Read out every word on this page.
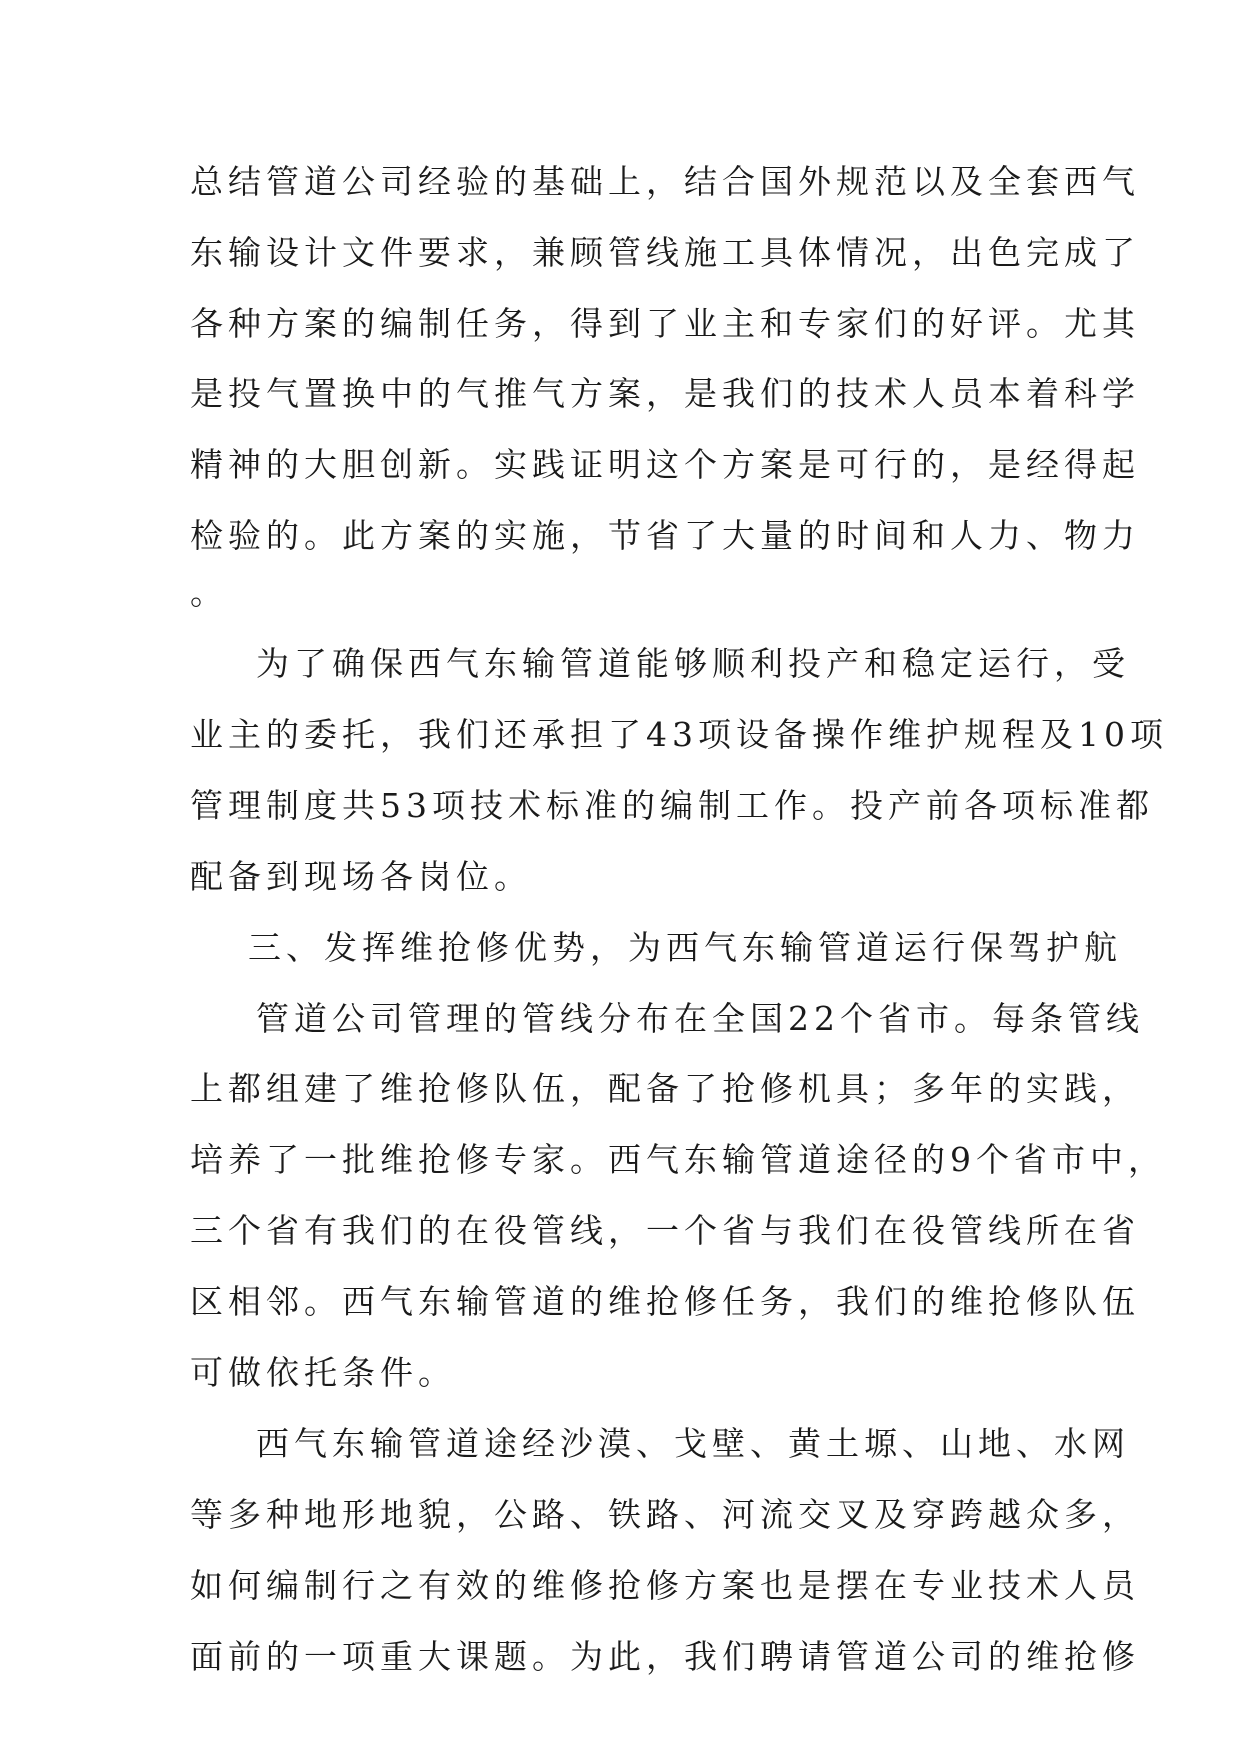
总结管道公司经验的基础上，结合国外规范以及全套西气
东输设计文件要求，兼顾管线施工具体情况，出色完成了
各种方案的编制任务，得到了业主和专家们的好评。尤其
是投气置换中的气推气方案，是我们的技术人员本着科学
精神的大胆创新。实践证明这个方案是可行的，是经得起
检验的。此方案的实施，节省了大量的时间和人力、物力
。
为了确保西气东输管道能够顺利投产和稳定运行，受
业主的委托，我们还承担了43项设备操作维护规程及10项
管理制度共53项技术标准的编制工作。投产前各项标准都
配备到现场各岗位。
三、发挥维抢修优势，为西气东输管道运行保驾护航
管道公司管理的管线分布在全国22个省市。每条管线
上都组建了维抢修队伍，配备了抢修机具；多年的实践，
培养了一批维抢修专家。西气东输管道途径的9个省市中，
三个省有我们的在役管线，一个省与我们在役管线所在省
区相邻。西气东输管道的维抢修任务，我们的维抢修队伍
可做依托条件。
西气东输管道途经沙漠、戈壁、黄土塬、山地、水网
等多种地形地貌，公路、铁路、河流交叉及穿跨越众多，
如何编制行之有效的维修抢修方案也是摆在专业技术人员
面前的一项重大课题。为此，我们聘请管道公司的维抢修
